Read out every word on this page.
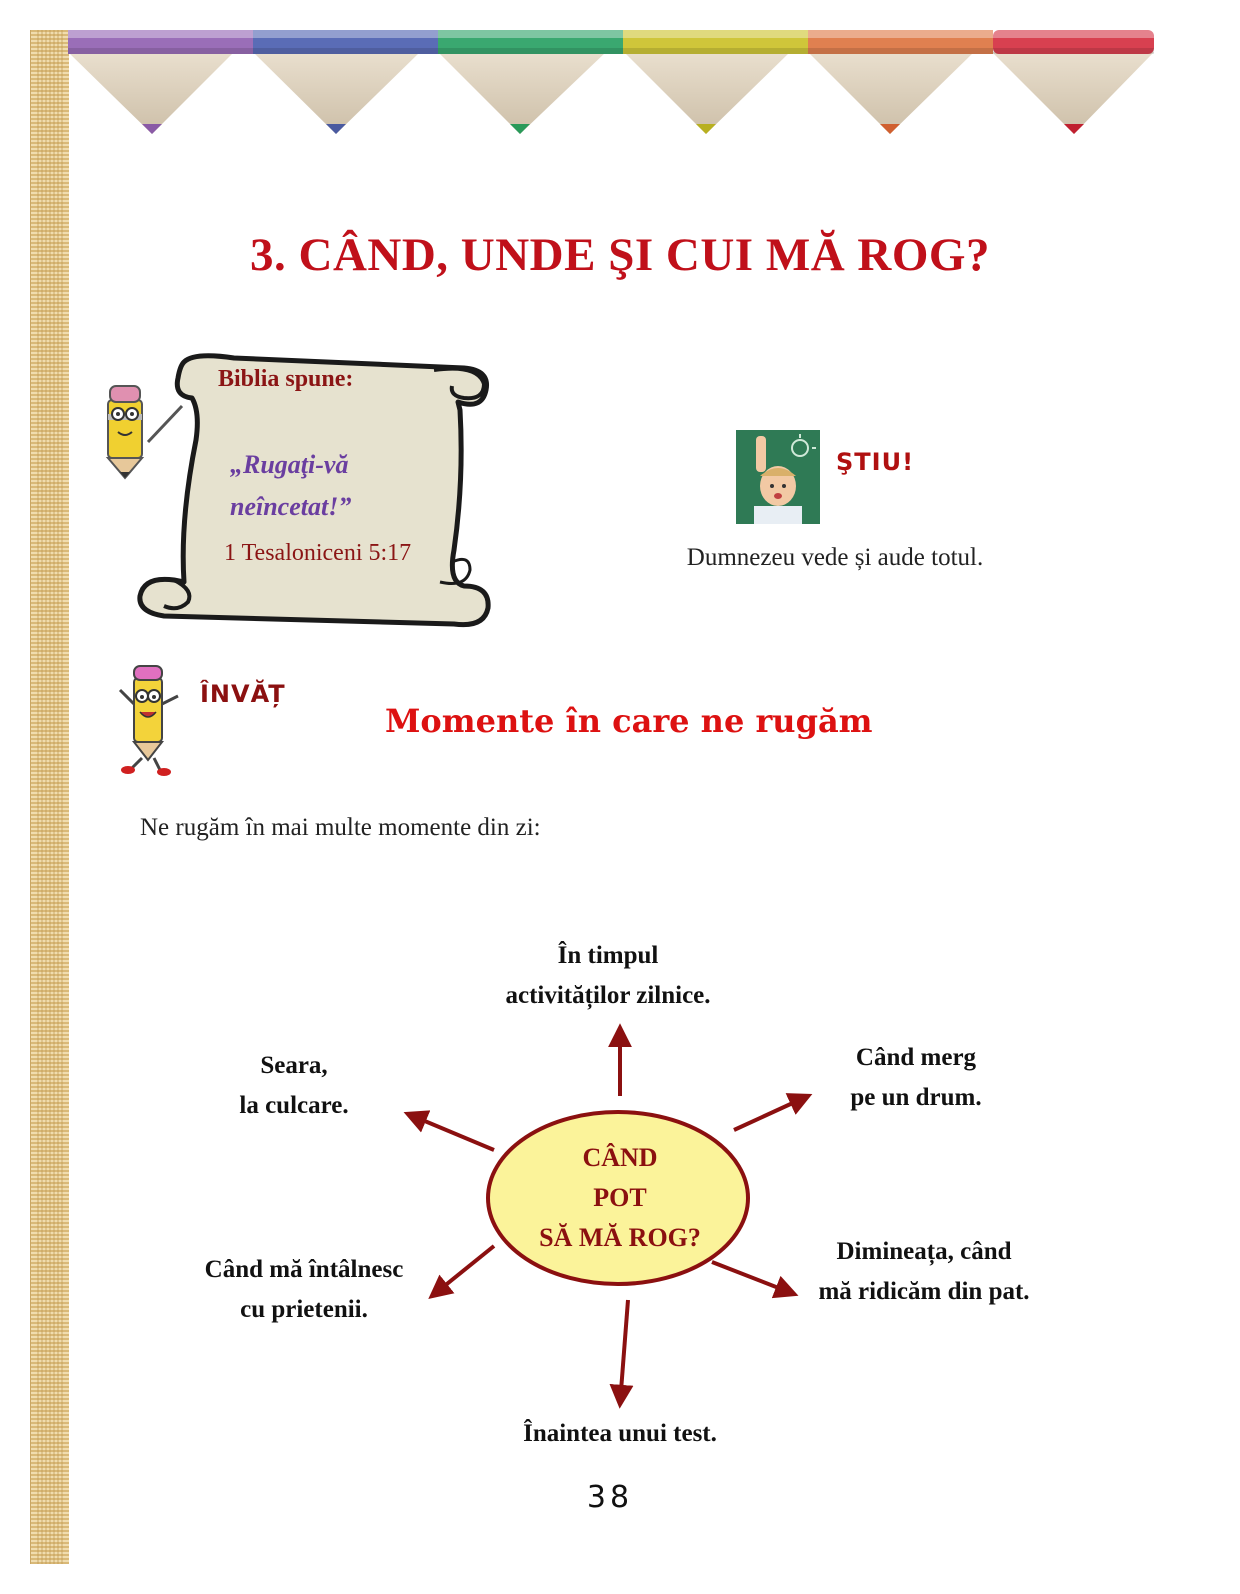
3. CÂND, UNDE ŞI CUI MĂ ROG?
Biblia spune:
„Rugaţi-vă
neîncetat!”
1 Tesaloniceni 5:17
ŞTIU!
Dumnezeu vede și aude totul.
ÎNVĂȚ
Momente în care ne rugăm
Ne rugăm în mai multe momente din zi:
CÂND
POT
SĂ MĂ ROG?
În timpul
activităților zilnice.
Când merg
pe un drum.
Dimineața, când
mă ridicăm din pat.
Înaintea unui test.
Când mă întâlnesc
cu prietenii.
Seara,
la culcare.
38
